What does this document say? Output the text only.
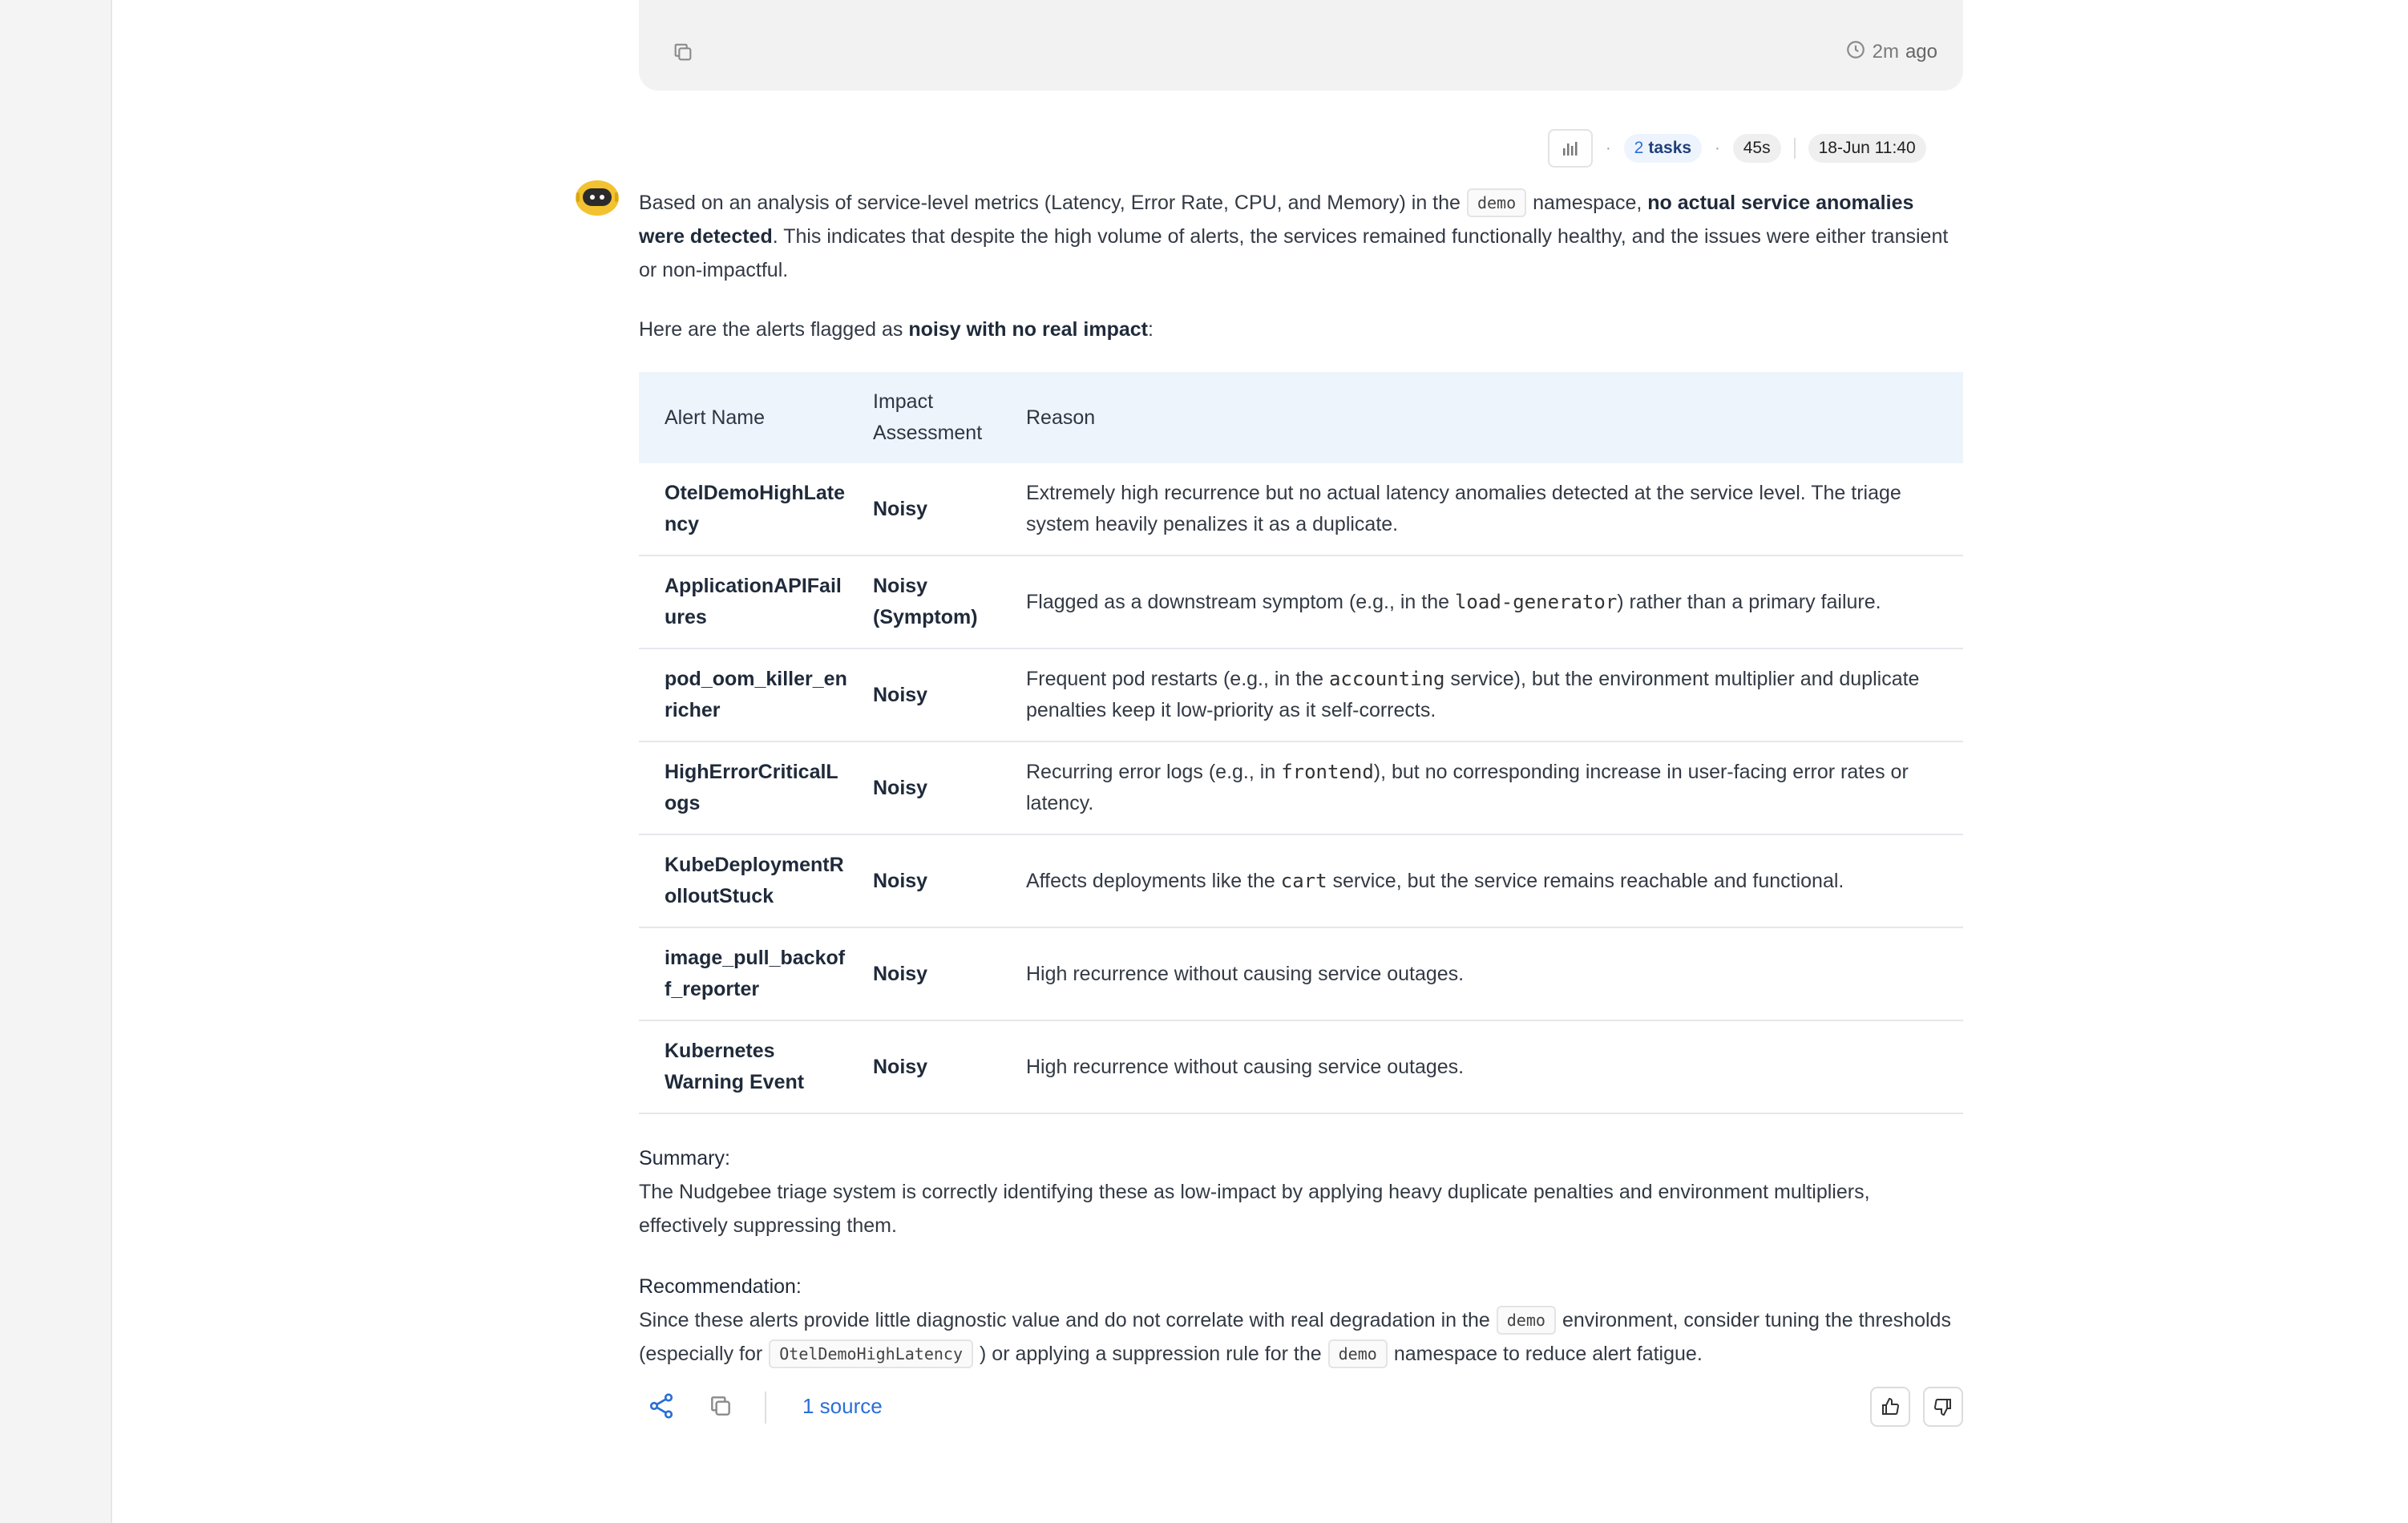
2m ago
· 2 tasks ·	45s	18-Jun 11:40

Based on an analysis of service-level metrics (Latency, Error Rate, CPU, and Memory) in the demo namespace, no actual service anomalies were detected. This indicates that despite the high volume of alerts, the services remained functionally healthy, and the issues were either transient or non-impactful.

Here are the alerts flagged as noisy with no real impact:

Alert Name	Impact Assessment	Reason
OtelDemoHighLatency	Noisy	Extremely high recurrence but no actual latency anomalies detected at the service level. The triage system heavily penalizes it as a duplicate.
ApplicationAPIFailures	Noisy (Symptom)	Flagged as a downstream symptom (e.g., in the load-generator) rather than a primary failure.
pod_oom_killer_enricher	Noisy	Frequent pod restarts (e.g., in the accounting service), but the environment multiplier and duplicate penalties keep it low-priority as it self-corrects.
HighErrorCriticalLogs	Noisy	Recurring error logs (e.g., in frontend), but no corresponding increase in user-facing error rates or latency.
KubeDeploymentRolloutStuck	Noisy	Affects deployments like the cart service, but the service remains reachable and functional.
image_pull_backoff_reporter	Noisy	High recurrence without causing service outages.
Kubernetes Warning Event	Noisy	High recurrence without causing service outages.

Summary:
The Nudgebee triage system is correctly identifying these as low-impact by applying heavy duplicate penalties and environment multipliers, effectively suppressing them.

Recommendation:
Since these alerts provide little diagnostic value and do not correlate with real degradation in the demo environment, consider tuning the thresholds (especially for OtelDemoHighLatency ) or applying a suppression rule for the demo namespace to reduce alert fatigue.

1 source
